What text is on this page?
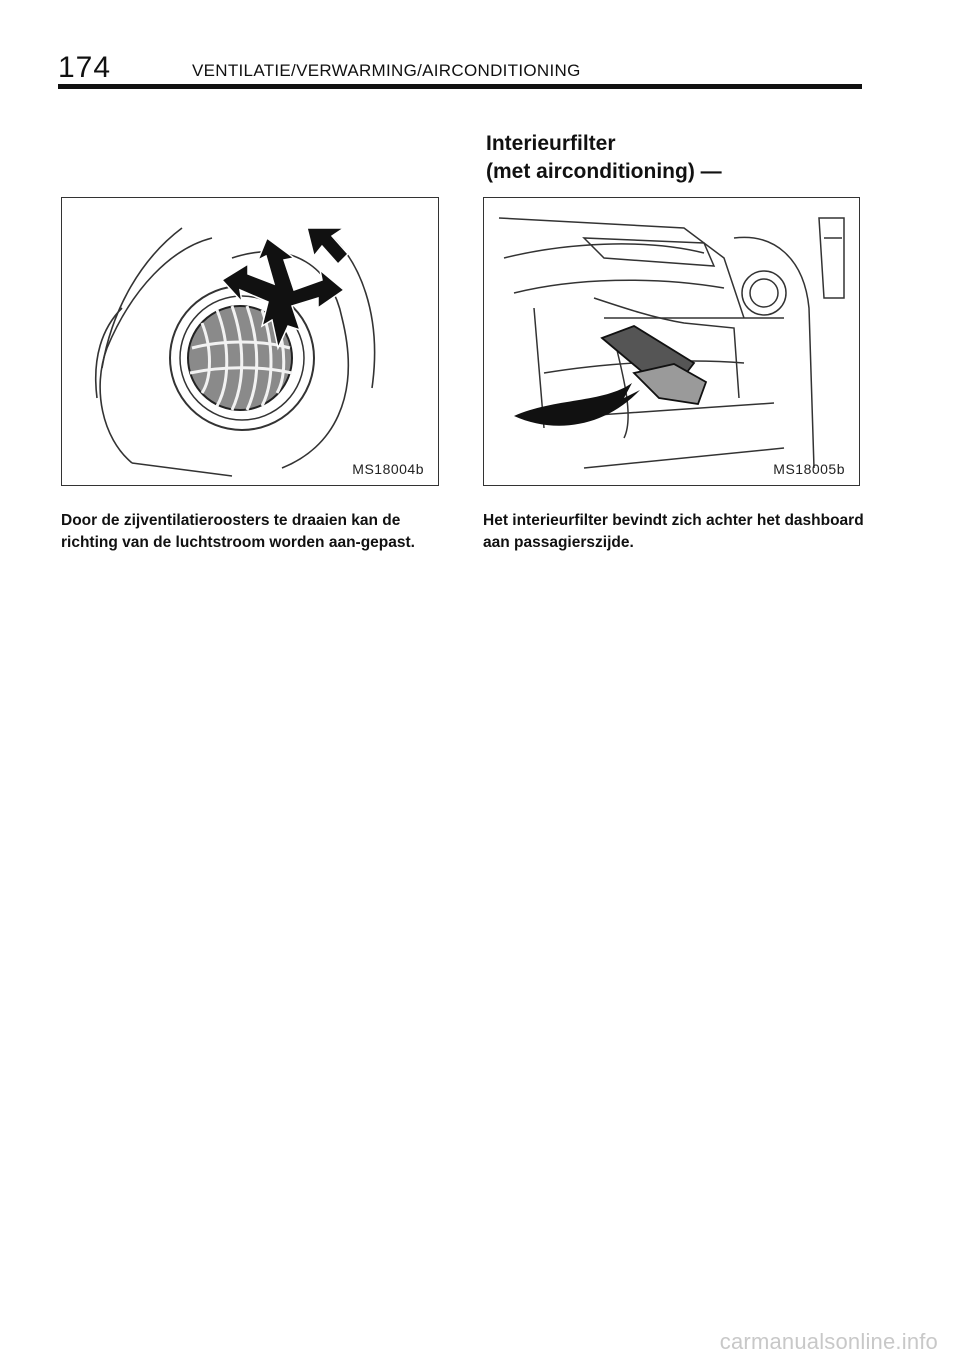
174	VENTILATIE/VERWARMING/AIRCONDITIONING
Interieurfilter
(met airconditioning) —
MS18004b	MS18005b
Door de zijventilatieroosters te draaien kan de richting van de luchtstroom worden aan-gepast.
Het interieurfilter bevindt zich achter het dashboard aan passagierszijde.
carmanualsonline.info
